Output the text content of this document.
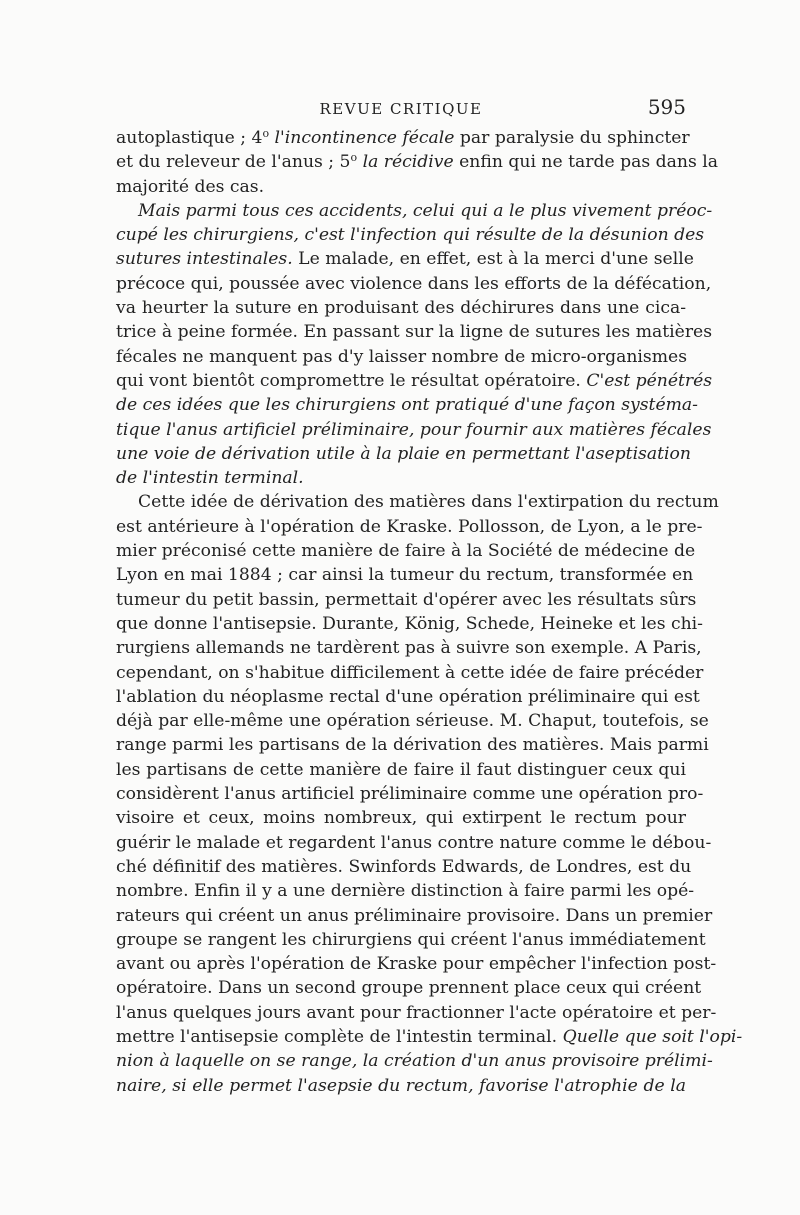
REVUE CRITIQUE	595
autoplastique ; 4$^o$ l'incontinence fécale par paralysie du sphincter
et du releveur de l'anus ; 5$^o$ la récidive enfin qui ne tarde pas dans la
majorité des cas.
Mais parmi tous ces accidents, celui qui a le plus vivement préoc-
cupé les chirurgiens, c'est l'infection qui résulte de la désunion des
sutures intestinales. Le malade, en effet, est à la merci d'une selle
précoce qui, poussée avec violence dans les efforts de la défécation,
va heurter la suture en produisant des déchirures dans une cica-
trice à peine formée. En passant sur la ligne de sutures les matières
fécales ne manquent pas d'y laisser nombre de micro-organismes
qui vont bientôt compromettre le résultat opératoire. C'est pénétrés
de ces idées que les chirurgiens ont pratiqué d'une façon systéma-
tique l'anus artificiel préliminaire, pour fournir aux matières fécales
une voie de dérivation utile à la plaie en permettant l'aseptisation
de l'intestin terminal.
Cette idée de dérivation des matières dans l'extirpation du rectum
est antérieure à l'opération de Kraske. Pollosson, de Lyon, a le pre-
mier préconisé cette manière de faire à la Société de médecine de
Lyon en mai 1884 ; car ainsi la tumeur du rectum, transformée en
tumeur du petit bassin, permettait d'opérer avec les résultats sûrs
que donne l'antisepsie. Durante, König, Schede, Heineke et les chi-
rurgiens allemands ne tardèrent pas à suivre son exemple. A Paris,
cependant, on s'habitue difficilement à cette idée de faire précéder
l'ablation du néoplasme rectal d'une opération préliminaire qui est
déjà par elle-même une opération sérieuse. M. Chaput, toutefois, se
range parmi les partisans de la dérivation des matières. Mais parmi
les partisans de cette manière de faire il faut distinguer ceux qui
considèrent l'anus artificiel préliminaire comme une opération pro-
visoire et ceux, moins nombreux, qui extirpent le rectum pour
guérir le malade et regardent l'anus contre nature comme le débou-
ché définitif des matières. Swinfords Edwards, de Londres, est du
nombre. Enfin il y a une dernière distinction à faire parmi les opé-
rateurs qui créent un anus préliminaire provisoire. Dans un premier
groupe se rangent les chirurgiens qui créent l'anus immédiatement
avant ou après l'opération de Kraske pour empêcher l'infection post-
opératoire. Dans un second groupe prennent place ceux qui créent
l'anus quelques jours avant pour fractionner l'acte opératoire et per-
mettre l'antisepsie complète de l'intestin terminal. Quelle que soit l'opi-
nion à laquelle on se range, la création d'un anus provisoire prélimi-
naire, si elle permet l'asepsie du rectum, favorise l'atrophie de la
